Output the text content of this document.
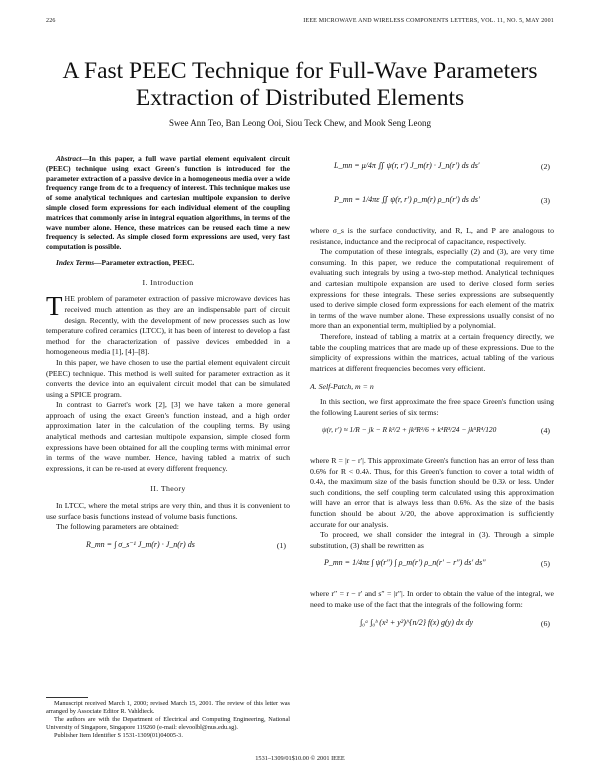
226	IEEE MICROWAVE AND WIRELESS COMPONENTS LETTERS, VOL. 11, NO. 5, MAY 2001
A Fast PEEC Technique for Full-Wave Parameters Extraction of Distributed Elements
Swee Ann Teo, Ban Leong Ooi, Siou Teck Chew, and Mook Seng Leong

Abstract—In this paper, a full wave partial element equivalent circuit (PEEC) technique using exact Green's function is introduced for the parameter extraction of a passive device in a homogeneous media over a wide frequency range from dc to a frequency of interest. This technique makes use of some analytical techniques and cartesian multipole expansion to derive simple closed form expressions for each individual element of the coupling matrices that commonly arise in integral equation algorithms, in terms of the wave number alone. Hence, these matrices can be reused each time a new frequency is selected. As simple closed form expressions are used, very fast computation is possible.

Index Terms—Parameter extraction, PEEC.

I. Introduction

THE problem of parameter extraction of passive microwave devices has received much attention as they are an indispensable part of circuit design. Recently, with the development of new processes such as low temperature cofired ceramics (LTCC), it has been of interest to develop a fast method for the characterization of passive devices embedded in a homogeneous media [1], [4]–[8].

In this paper, we have chosen to use the partial element equivalent circuit (PEEC) technique. This method is well suited for parameter extraction as it converts the device into an equivalent circuit model that can be simulated using a SPICE program.

In contrast to Garret's work [2], [3] we have taken a more general approach of using the exact Green's function instead, and a high order approximation later in the calculation of the coupling terms. By using analytical methods and cartesian multipole expansion, simple closed form expressions have been obtained for all the coupling terms with minimal error in terms of the wave number. Hence, having tabled a matrix of such expressions, it can be re-used at every different frequency.

II. Theory

In LTCC, where the metal strips are very thin, and thus it is convenient to use surface basis functions instead of volume basis functions.

The following parameters are obtained:

R_mn = ∫ σ_s⁻¹ J_m(r) · J_n(r) ds	(1)
L_mn = μ/4π ∬ ψ(r, r′) J_m(r) · J_n(r′) ds ds′	(2)
P_mn = 1/4πε ∬ ψ(r, r′) ρ_m(r) ρ_n(r′) ds ds′	(3)

where σ_s is the surface conductivity, and R, L, and P are analogous to resistance, inductance and the reciprocal of capacitance, respectively.

The computation of these integrals, especially (2) and (3), are very time consuming. In this paper, we reduce the computational requirement of evaluating such integrals by using a two-step method. Analytical techniques and cartesian multipole expansion are used to derive closed form series expressions for these integrals. These series expressions are subsequently used to derive simple closed form expressions for each element of the matrix in terms of the wave number alone. These expressions usually consist of no more than an exponential term, multiplied by a polynomial.

Therefore, instead of tabling a matrix at a certain frequency directly, we table the coupling matrices that are made up of these expressions. Due to the simplicity of expressions within the matrices, actual tabling of the various matrices at different frequencies becomes very efficient.

A. Self-Patch, m = n

In this section, we first approximate the free space Green's function using the following Laurent series of six terms:

ψ(r, r′) ≈ 1/R − jk − R k²/2 + jk³R²/6 + k⁴R³/24 − jk⁵R⁴/120	(4)

where R = |r − r′|. This approximate Green's function has an error of less than 0.6% for R < 0.4λ. Thus, for this Green's function to cover a total width of 0.4λ, the maximum size of the basis function should be 0.3λ or less. Under such conditions, the self coupling term calculated using this approximation will have an error that is always less than 0.6%. As the size of the basis function should be about λ/20, the above approximation is sufficiently accurate for our analysis.

To proceed, we shall consider the integral in (3). Through a simple substitution, (3) shall be rewritten as

P_mn = 1/4πε ∫ ψ(r″) ∫ ρ_m(r′) ρ_n(r′ − r″) ds′ ds″	(5)

where r″ = r − r′ and s″ = |r″|. In order to obtain the value of the integral, we need to make use of the fact that the integrals of the following form:

∫₀ᵃ ∫₀ᵇ (x² + y²)^{n/2} f(x) g(y) dx dy	(6)

Manuscript received March 1, 2000; revised March 15, 2001. The review of this letter was arranged by Associate Editor R. Vahldieck.

The authors are with the Department of Electrical and Computing Engineering, National University of Singapore, Singapore 119260 (e-mail: elevoolbl@nus.edu.sg).

Publisher Item Identifier S 1531-1309(01)04005-3.

1531–1309/01$10.00 © 2001 IEEE
